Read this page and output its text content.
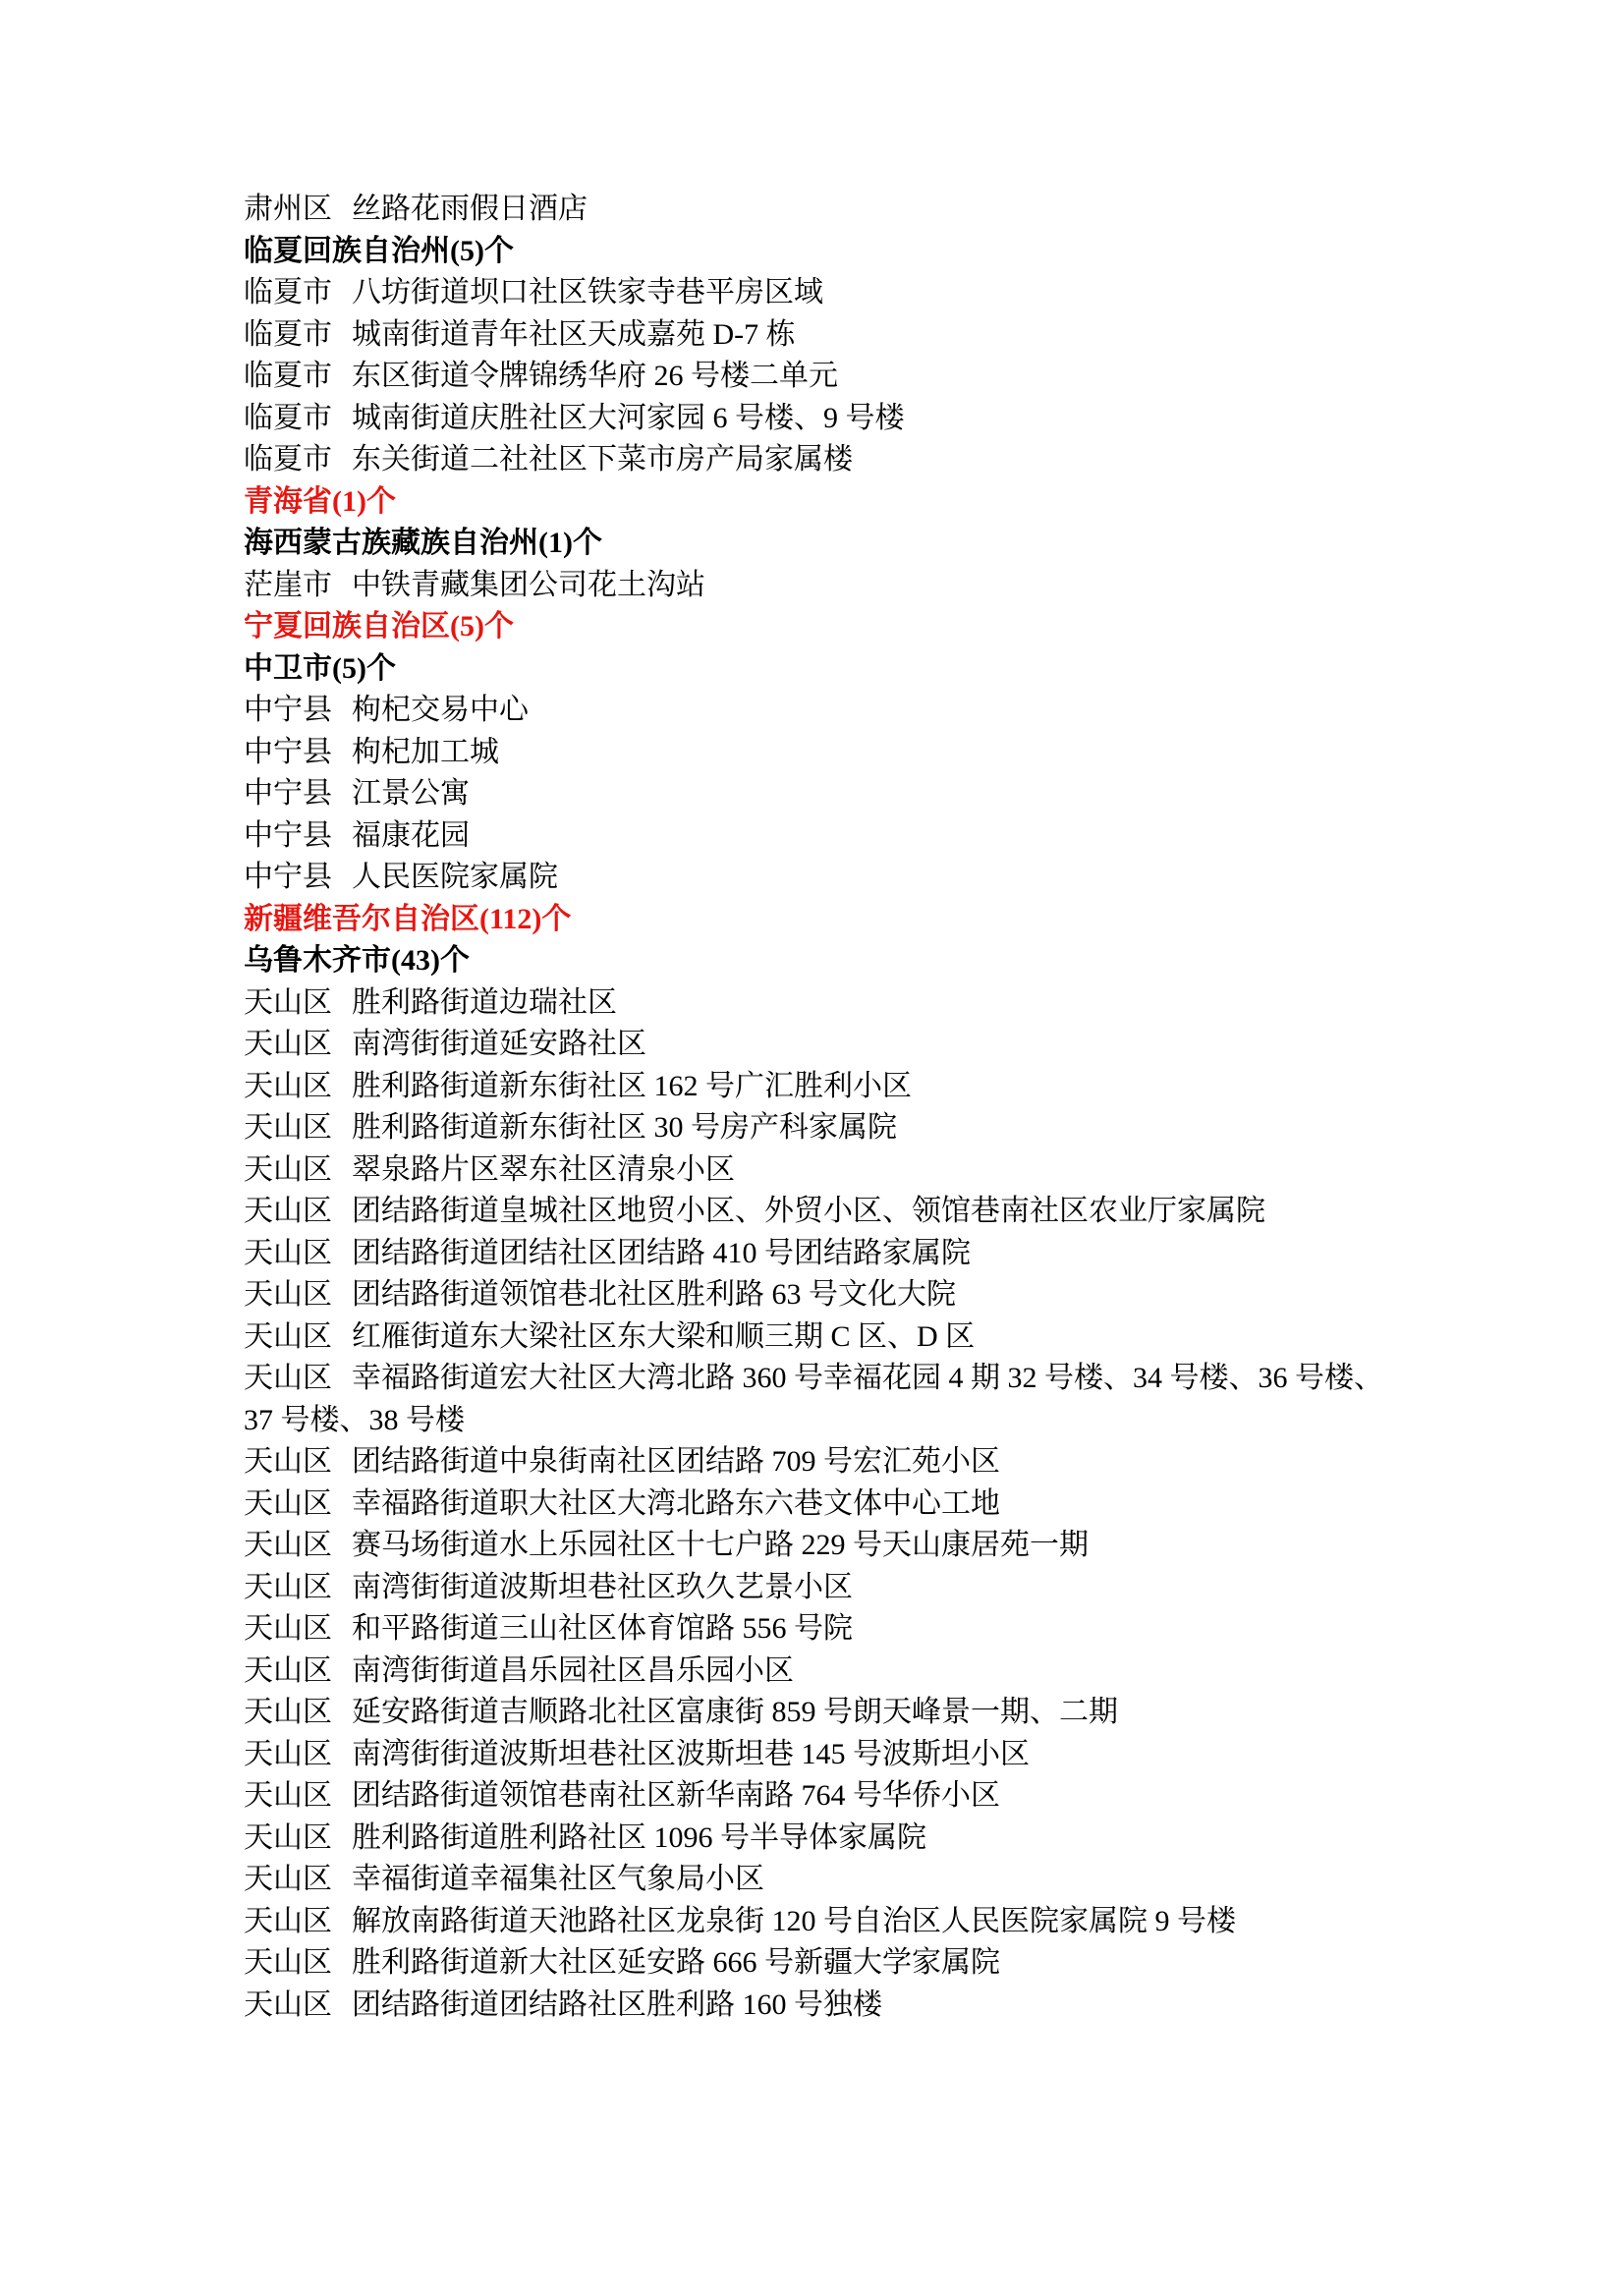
肃州区 丝路花雨假日酒店
临夏回族自治州(5)个
临夏市 八坊街道坝口社区铁家寺巷平房区域
临夏市 城南街道青年社区天成嘉苑 D-7 栋
临夏市 东区街道令牌锦绣华府 26 号楼二单元
临夏市 城南街道庆胜社区大河家园 6 号楼、9 号楼
临夏市 东关街道二社社区下菜市房产局家属楼
青海省(1)个
海西蒙古族藏族自治州(1)个
茫崖市 中铁青藏集团公司花土沟站
宁夏回族自治区(5)个
中卫市(5)个
中宁县 枸杞交易中心
中宁县 枸杞加工城
中宁县 江景公寓
中宁县 福康花园
中宁县 人民医院家属院
新疆维吾尔自治区(112)个
乌鲁木齐市(43)个
天山区 胜利路街道边瑞社区
天山区 南湾街街道延安路社区
天山区 胜利路街道新东街社区 162 号广汇胜利小区
天山区 胜利路街道新东街社区 30 号房产科家属院
天山区 翠泉路片区翠东社区清泉小区
天山区 团结路街道皇城社区地贸小区、外贸小区、领馆巷南社区农业厅家属院
天山区 团结路街道团结社区团结路 410 号团结路家属院
天山区 团结路街道领馆巷北社区胜利路 63 号文化大院
天山区 红雁街道东大梁社区东大梁和顺三期 C 区、D 区
天山区 幸福路街道宏大社区大湾北路 360 号幸福花园 4 期 32 号楼、34 号楼、36 号楼、37 号楼、38 号楼
天山区 团结路街道中泉街南社区团结路 709 号宏汇苑小区
天山区 幸福路街道职大社区大湾北路东六巷文体中心工地
天山区 赛马场街道水上乐园社区十七户路 229 号天山康居苑一期
天山区 南湾街街道波斯坦巷社区玖久艺景小区
天山区 和平路街道三山社区体育馆路 556 号院
天山区 南湾街街道昌乐园社区昌乐园小区
天山区 延安路街道吉顺路北社区富康街 859 号朗天峰景一期、二期
天山区 南湾街街道波斯坦巷社区波斯坦巷 145 号波斯坦小区
天山区 团结路街道领馆巷南社区新华南路 764 号华侨小区
天山区 胜利路街道胜利路社区 1096 号半导体家属院
天山区 幸福街道幸福集社区气象局小区
天山区 解放南路街道天池路社区龙泉街 120 号自治区人民医院家属院 9 号楼
天山区 胜利路街道新大社区延安路 666 号新疆大学家属院
天山区 团结路街道团结路社区胜利路 160 号独楼
